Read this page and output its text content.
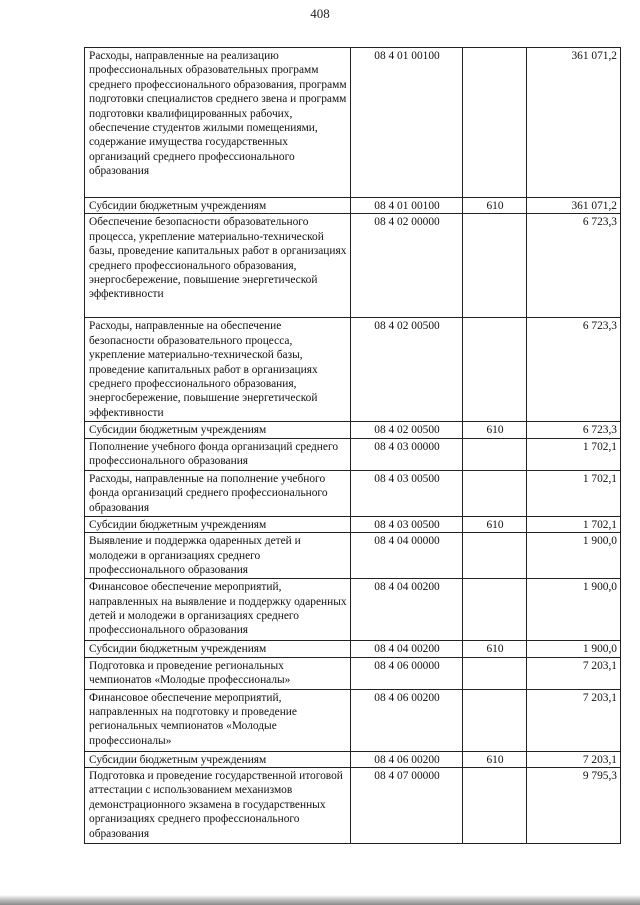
408
Расходы, направленные на реализацию профессиональных образовательных программ среднего профессионального образования, программ подготовки специалистов среднего звена и программ подготовки квалифицированных рабочих, обеспечение студентов жилыми помещениями, содержание имущества государственных организаций среднего профессионального образования	08 4 01 00100		361 071,2
Субсидии бюджетным учреждениям	08 4 01 00100	610	361 071,2
Обеспечение безопасности образовательного процесса, укрепление материально-технической базы, проведение капитальных работ в организациях среднего профессионального образования, энергосбережение, повышение энергетической эффективности	08 4 02 00000		6 723,3
Расходы, направленные на обеспечение безопасности образовательного процесса, укрепление материально-технической базы, проведение капитальных работ в организациях среднего профессионального образования, энергосбережение, повышение энергетической эффективности	08 4 02 00500		6 723,3
Субсидии бюджетным учреждениям	08 4 02 00500	610	6 723,3
Пополнение учебного фонда организаций среднего профессионального образования	08 4 03 00000		1 702,1
Расходы, направленные на пополнение учебного фонда организаций среднего профессионального образования	08 4 03 00500		1 702,1
Субсидии бюджетным учреждениям	08 4 03 00500	610	1 702,1
Выявление и поддержка одаренных детей и молодежи в организациях среднего профессионального образования	08 4 04 00000		1 900,0
Финансовое обеспечение мероприятий, направленных на выявление и поддержку одаренных детей и молодежи в организациях среднего профессионального образования	08 4 04 00200		1 900,0
Субсидии бюджетным учреждениям	08 4 04 00200	610	1 900,0
Подготовка и проведение региональных чемпионатов «Молодые профессионалы»	08 4 06 00000		7 203,1
Финансовое обеспечение мероприятий, направленных на подготовку и проведение региональных чемпионатов «Молодые профессионалы»	08 4 06 00200		7 203,1
Субсидии бюджетным учреждениям	08 4 06 00200	610	7 203,1
Подготовка и проведение государственной итоговой аттестации с использованием механизмов демонстрационного экзамена в государственных организациях среднего профессионального образования	08 4 07 00000		9 795,3
